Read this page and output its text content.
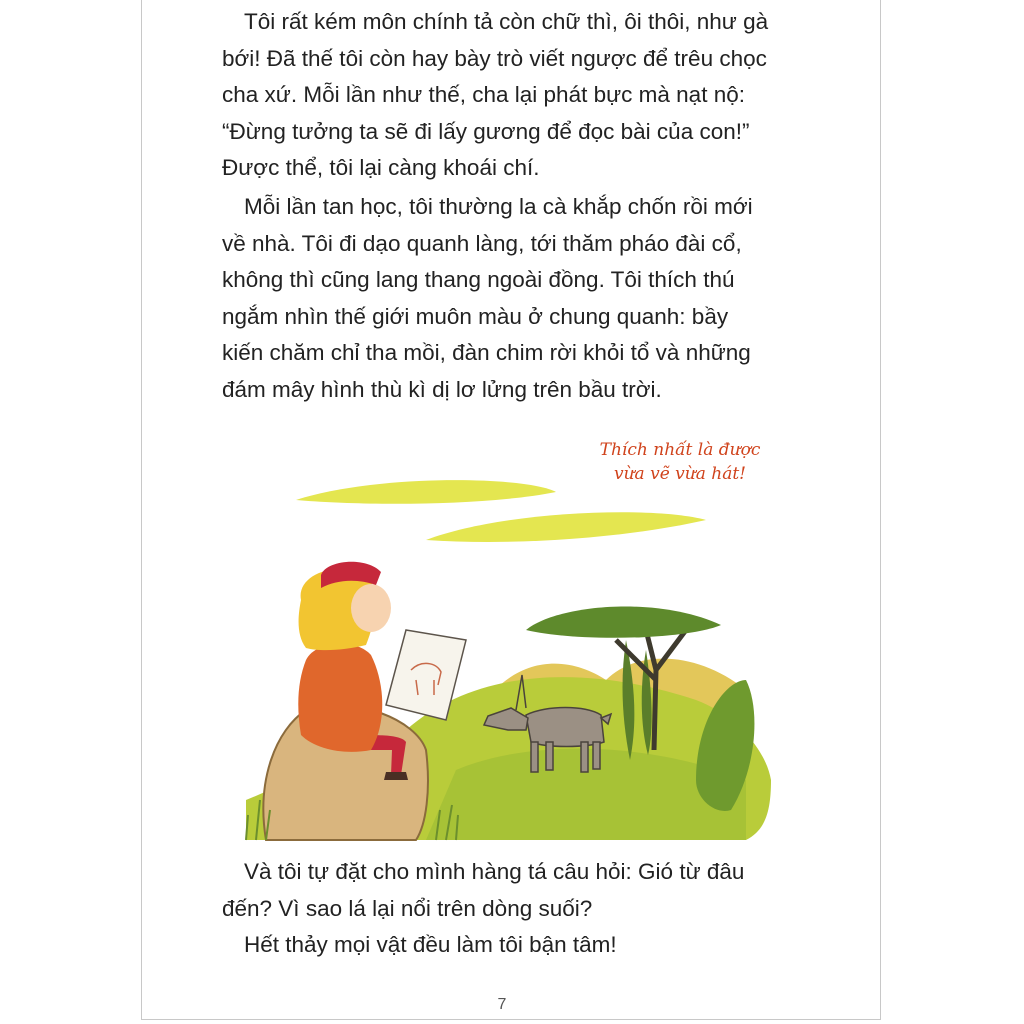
Tôi rất kém môn chính tả còn chữ thì, ôi thôi, như gà
bới! Đã thế tôi còn hay bày trò viết ngược để trêu chọc
cha xứ. Mỗi lần như thế, cha lại phát bực mà nạt nộ:
“Đừng tưởng ta sẽ đi lấy gương để đọc bài của con!”
Được thể, tôi lại càng khoái chí.

Mỗi lần tan học, tôi thường la cà khắp chốn rồi mới
về nhà. Tôi đi dạo quanh làng, tới thăm pháo đài cổ,
không thì cũng lang thang ngoài đồng. Tôi thích thú
ngắm nhìn thế giới muôn màu ở chung quanh: bầy
kiến chăm chỉ tha mồi, đàn chim rời khỏi tổ và những
đám mây hình thù kì dị lơ lửng trên bầu trời.

Thích nhất là được
vừa vẽ vừa hát!

Và tôi tự đặt cho mình hàng tá câu hỏi: Gió từ đâu
đến? Vì sao lá lại nổi trên dòng suối?
Hết thảy mọi vật đều làm tôi bận tâm!

7
